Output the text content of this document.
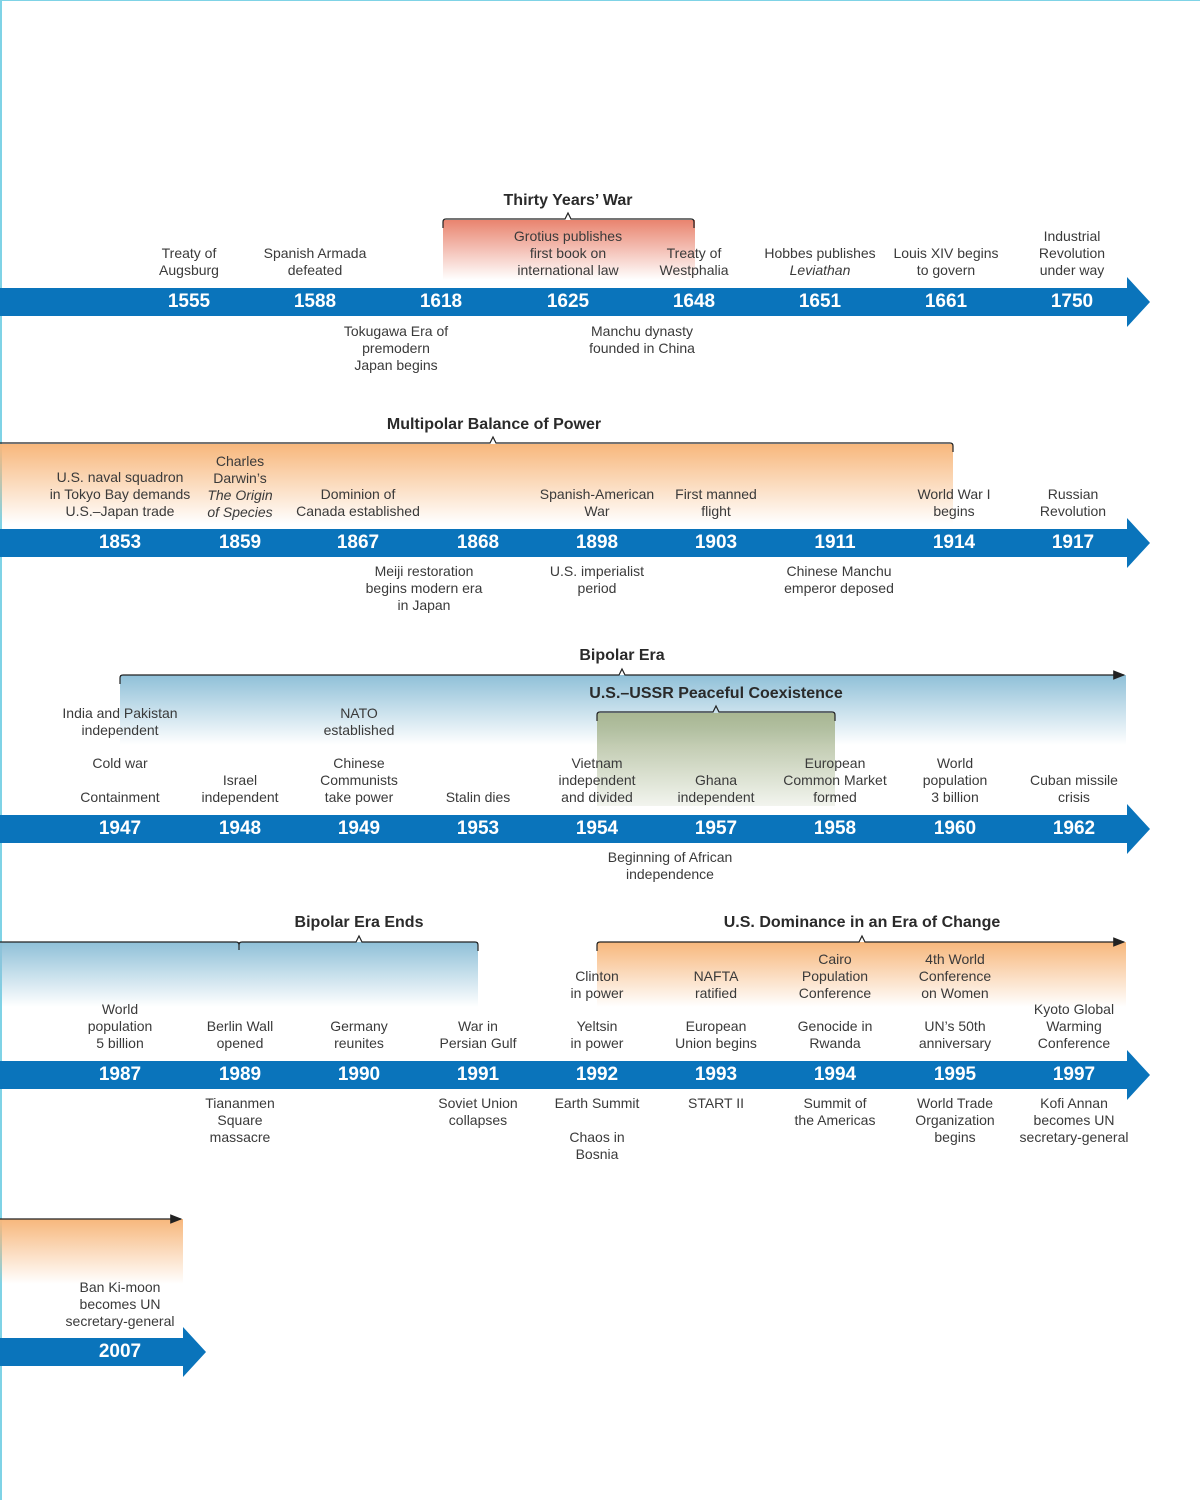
Thirty Years’ War
Treaty of
Augsburg
Spanish Armada
defeated
Grotius publishes
first book on
international law
Treaty of
Westphalia
Hobbes publishes
Leviathan
Louis XIV begins
to govern
Industrial
Revolution
under way
1555	1588	1618	1625	1648	1651	1661	1750
Tokugawa Era of
premodern
Japan begins
Manchu dynasty
founded in China
Multipolar Balance of Power
U.S. naval squadron
in Tokyo Bay demands
U.S.–Japan trade
Charles
Darwin’s
The Origin
of Species
Dominion of
Canada established
Spanish-American
War
First manned
flight
World War I
begins
Russian
Revolution
1853	1859	1867	1868	1898	1903	1911	1914	1917
Meiji restoration
begins modern era
in Japan
U.S. imperialist
period
Chinese Manchu
emperor deposed
Bipolar Era
U.S.–USSR Peaceful Coexistence
India and Pakistan
independent
Cold war
Containment
Israel
independent
NATO
established
Chinese
Communists
take power	Stalin dies
Vietnam
independent
and divided
Ghana
independent
European
Common Market
formed
World
population
3 billion
Cuban missile
crisis
1947	1948	1949	1953	1954	1957	1958	1960	1962
Beginning of African
independence
Bipolar Era Ends	U.S. Dominance in an Era of Change
World
population
5 billion
Berlin Wall
opened
Germany
reunites
War in
Persian Gulf
Clinton
in power
Yeltsin
in power
NAFTA
ratified
European
Union begins
Cairo
Population
Conference
Genocide in
Rwanda
4th World
Conference
on Women
UN’s 50th
anniversary
Kyoto Global
Warming
Conference
1987	1989	1990	1991	1992	1993	1994	1995	1997
Tiananmen
Square
massacre
Soviet Union
collapses
Earth Summit
Chaos in
Bosnia
START II	Summit of
the Americas
World Trade
Organization
begins
Kofi Annan
becomes UN
secretary-general
Ban Ki-moon
becomes UN
secretary-general
2007
